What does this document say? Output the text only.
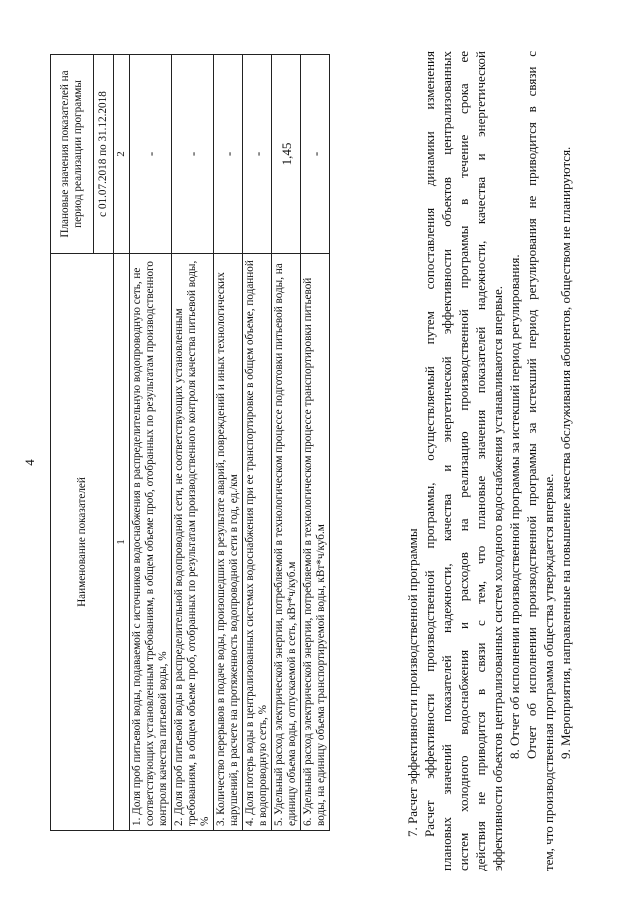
4
Наименование показателей	Плановые значения показателей на период реализации программы
	с 01.07.2018 по 31.12.2018
1	2
1. Доля проб питьевой воды, подаваемой с источников водоснабжения в распределительную водопроводную сеть, не соответствующих установленным требованиям, в общем объеме проб, отобранных по результатам производственного контроля качества питьевой воды, %	-
2. Доля проб питьевой воды в распределительной водопроводной сети, не соответствующих установленным требованиям, в общем объеме проб, отобранных по результатам производственного контроля качества питьевой воды, %	-
3. Количество перерывов в подаче воды, произошедших в результате аварий, повреждений и иных технологических нарушений, в расчете на протяженность водопроводной сети в год, ед./км	-
4. Доля потерь воды в централизованных системах водоснабжения при ее транспортировке в общем объеме, поданной в водопроводную сеть, %	-
5. Удельный расход электрической энергии, потребляемой в технологическом процессе подготовки питьевой воды, на единицу объема воды, отпускаемой в сеть, кВт*ч/куб.м	1,45
6. Удельный расход электрической энергии, потребляемой в технологическом процессе транспортировки питьевой воды, на единицу объема транспортируемой воды, кВт*ч/куб.м	-

7. Расчет эффективности производственной программы Расчет эффективности производственной программы, осуществляемый путем сопоставления динамики изменения плановых значений показателей надежности, качества и энергетической эффективности объектов централизованных систем холодного водоснабжения и расходов на реализацию производственной программы в течение срока ее действия не приводится в связи с тем, что плановые значения показателей надежности, качества и энергетической эффективности объектов централизованных систем холодного водоснабжения устанавливаются впервые. 8. Отчет об исполнении производственной программы за истекший период регулирования. Отчет об исполнении производственной программы за истекший период регулирования не приводится в связи с тем, что производственная программа общества утверждается впервые. 9. Мероприятия, направленные на повышение качества обслуживания абонентов, обществом не планируются.
